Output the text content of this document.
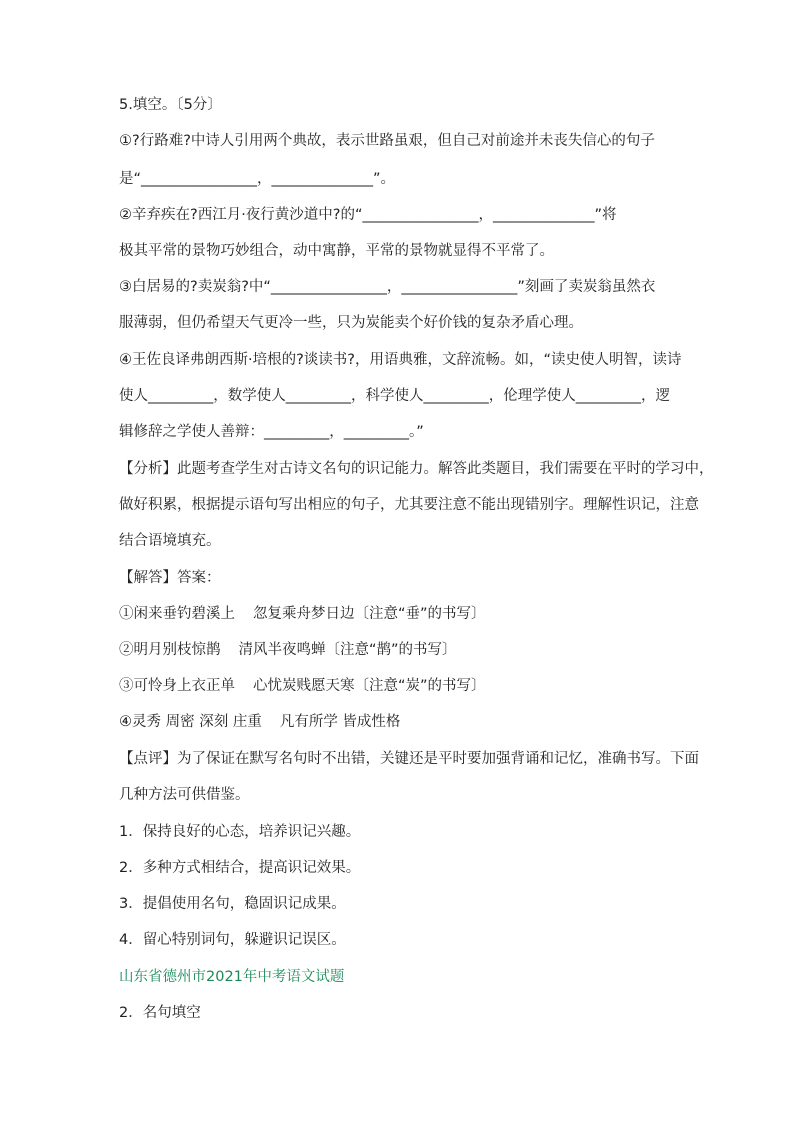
5.填空。〔5分〕
①?行路难?中诗人引用两个典故，表示世路虽艰，但自己对前途并未丧失信心的句子
是“________________，______________”。
②辛弃疾在?西江月·夜行黄沙道中?的“________________，______________”将
极其平常的景物巧妙组合，动中寓静，平常的景物就显得不平常了。
③白居易的?卖炭翁?中“________________，________________”刻画了卖炭翁虽然衣
服薄弱，但仍希望天气更冷一些，只为炭能卖个好价钱的复杂矛盾心理。
④王佐良译弗朗西斯·培根的?谈读书?，用语典雅，文辞流畅。如，“读史使人明智，读诗
使人_________，数学使人_________，科学使人_________，伦理学使人_________，逻
辑修辞之学使人善辩：_________，_________。”
【分析】此题考查学生对古诗文名句的识记能力。解答此类题目，我们需要在平时的学习中，
做好积累，根据提示语句写出相应的句子，尤其要注意不能出现错别字。理解性识记，注意
结合语境填充。
【解答】答案：
①闲来垂钓碧溪上 忽复乘舟梦日边〔注意“垂”的书写〕
②明月别枝惊鹊 清风半夜鸣蝉〔注意“鹊”的书写〕
③可怜身上衣正单 心忧炭贱愿天寒〔注意“炭”的书写〕
④灵秀 周密 深刻 庄重 凡有所学 皆成性格
【点评】为了保证在默写名句时不出错，关键还是平时要加强背诵和记忆，准确书写。下面
几种方法可供借鉴。
1．保持良好的心态，培养识记兴趣。
2．多种方式相结合，提高识记效果。
3．提倡使用名句，稳固识记成果。
4．留心特别词句，躲避识记误区。
山东省德州市2021年中考语文试题
2．名句填空
